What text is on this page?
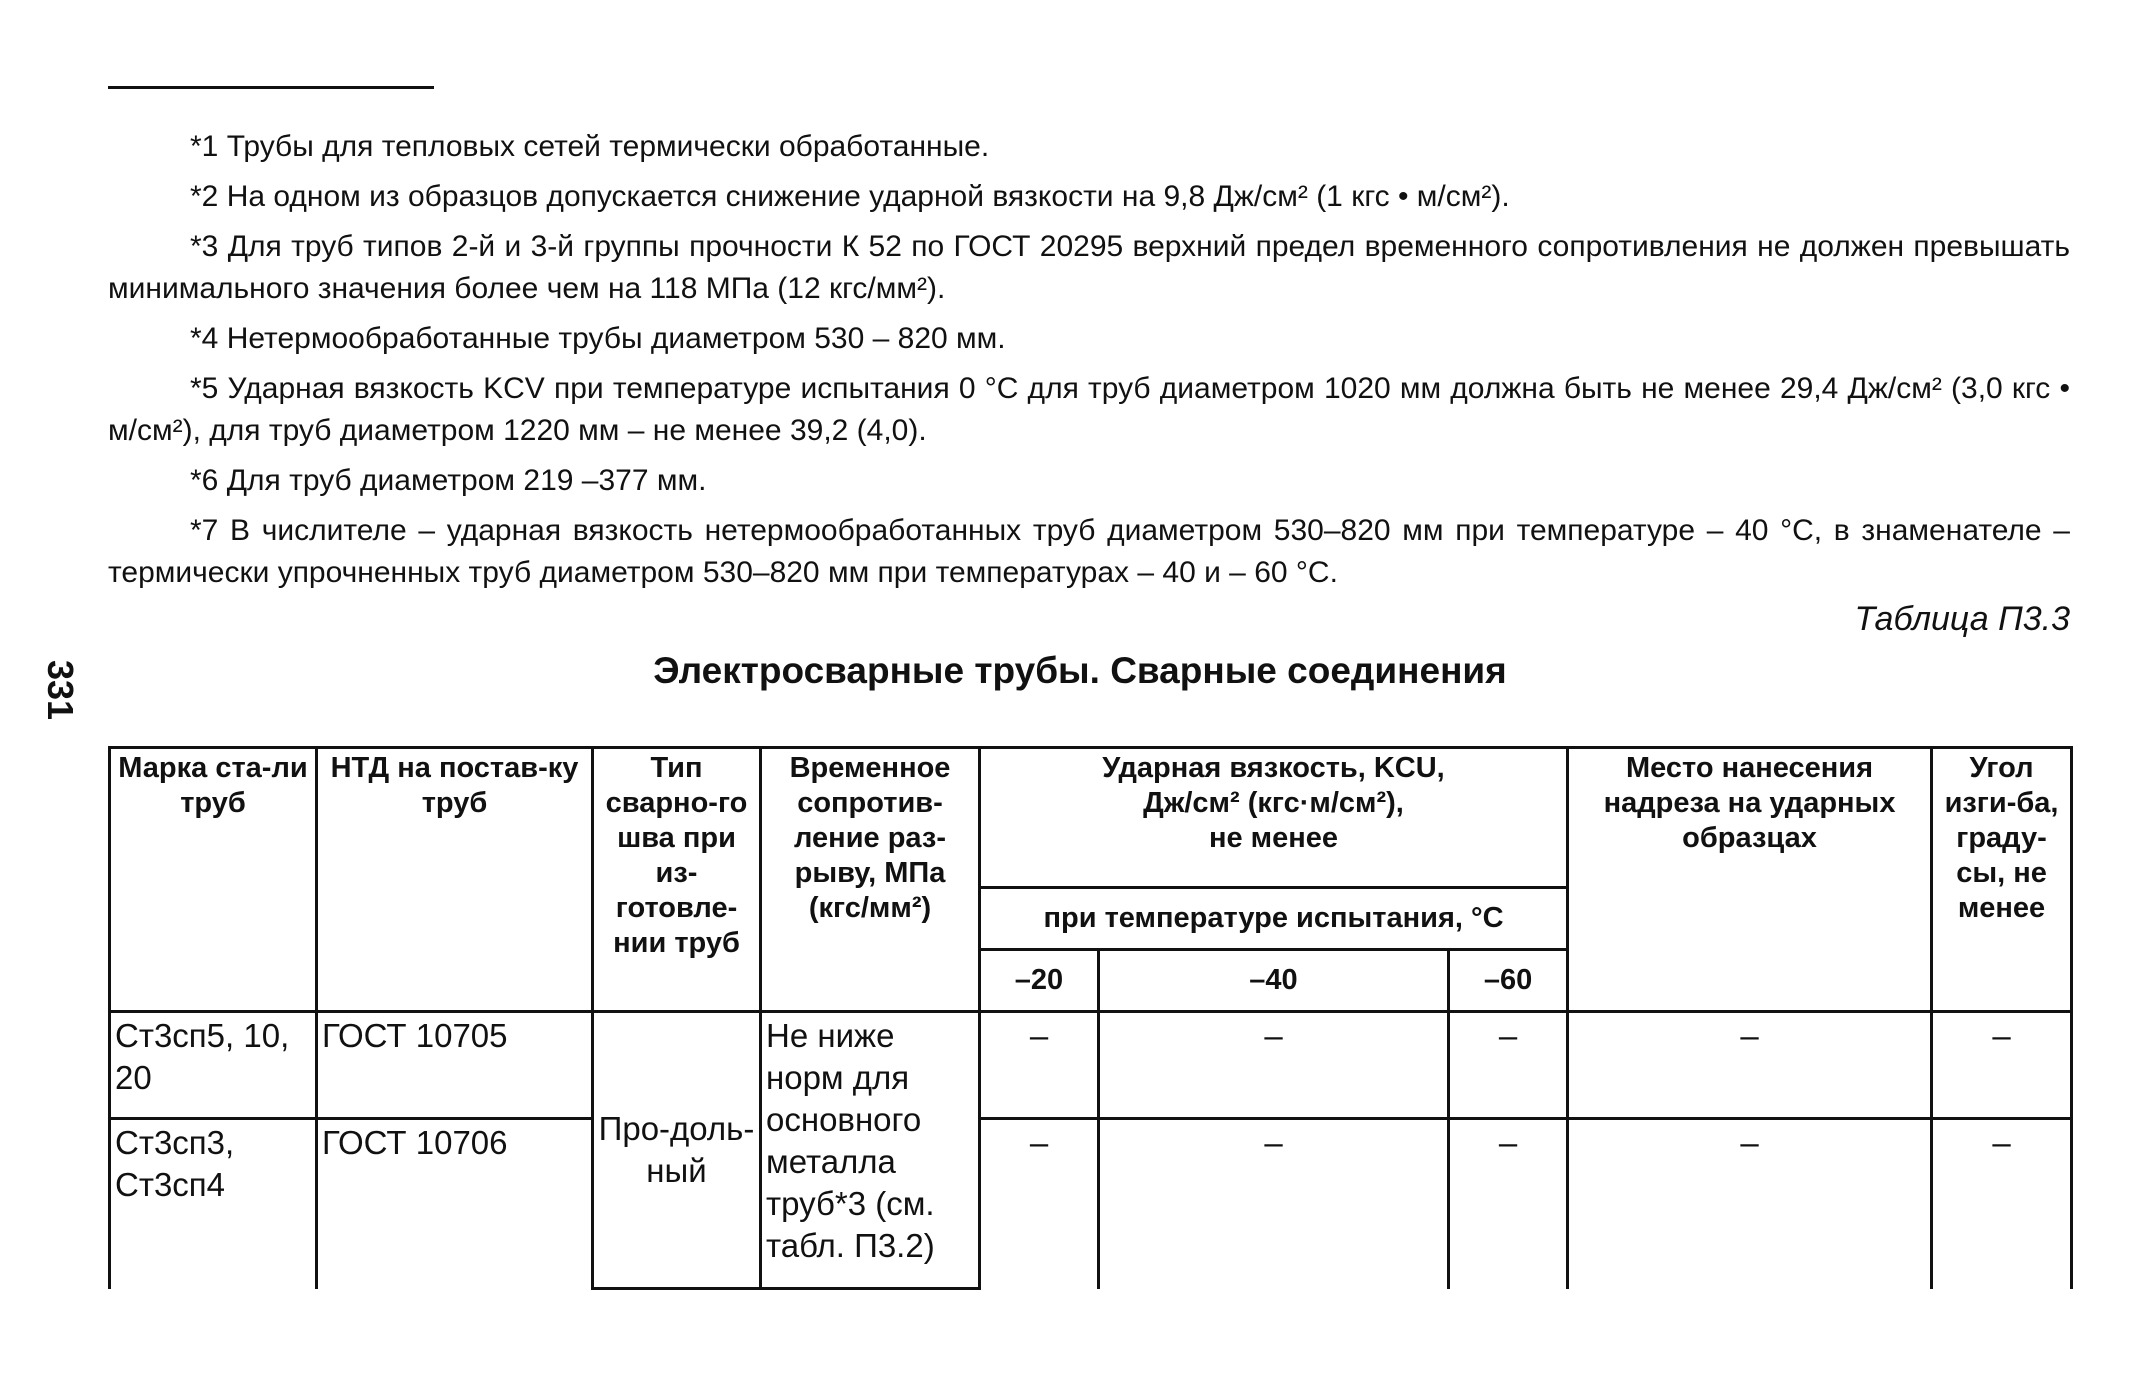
*1 Трубы для тепловых сетей термически обработанные.

*2 На одном из образцов допускается снижение ударной вязкости на 9,8 Дж/см² (1 кгс • м/см²).

*3 Для труб типов 2-й и 3-й группы прочности К 52 по ГОСТ 20295 верхний предел временного сопротивления не должен превышать минимального значения более чем на 118 МПа (12 кгс/мм²).

*4 Нетермообработанные трубы диаметром 530 – 820 мм.

*5 Ударная вязкость KCV при температуре испытания 0 °С для труб диаметром 1020 мм должна быть не менее 29,4 Дж/см² (3,0 кгс • м/см²), для труб диаметром 1220 мм – не менее 39,2 (4,0).

*6 Для труб диаметром 219 –377 мм.

*7 В числителе – ударная вязкость нетермообработанных труб диаметром 530–820 мм при температуре – 40 °С, в знаменателе – термически упрочненных труб диаметром 530–820 мм при температурах – 40 и – 60 °С.

331
Таблица П3.3
Электросварные трубы. Сварные соединения
Марка ста-ли труб	НТД на постав-ку труб	Тип сварно-го шва при из-готовле-нии труб	Временное сопротив-ление раз-рыву, МПа (кгс/мм²)	Ударная вязкость, KCU,
Дж/см² (кгс·м/см²),
не менее			Место нанесения надреза на ударных образцах	Угол изги-ба, граду-сы, не менее
				при температуре испытания, °С				
				–20	–40	–60		
Ст3сп5, 10, 20	ГОСТ 10705	Про-доль-ный	Не ниже норм для основного металла труб*3 (см. табл. П3.2)	–	–	–	–	–
Ст3сп3, Ст3сп4	ГОСТ 10706			–	–	–	–	–
